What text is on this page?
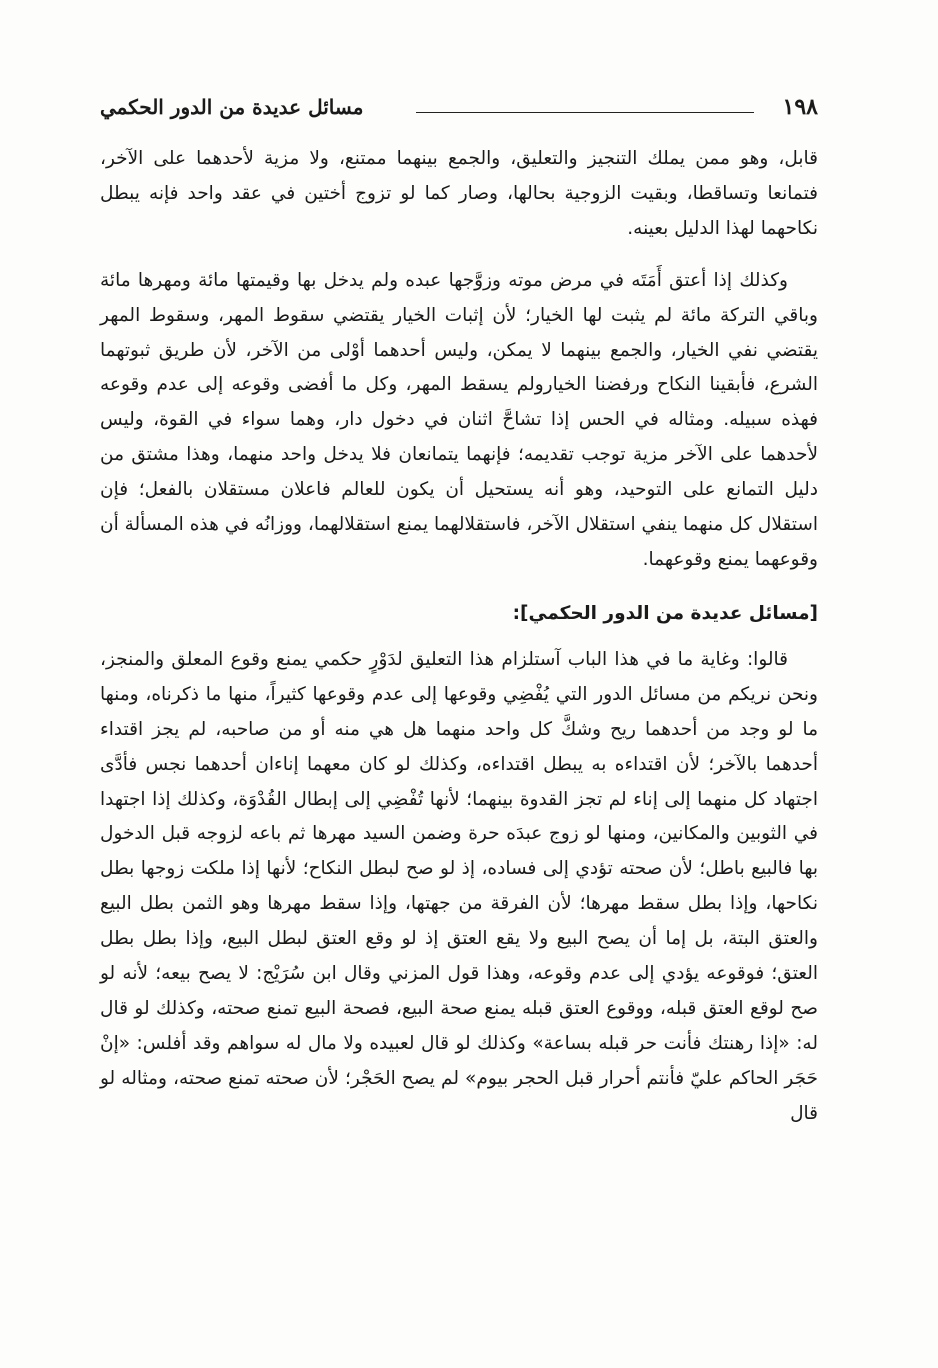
١٩٨
مسائل عديدة من الدور الحكمي

قابل، وهو ممن يملك التنجيز والتعليق، والجمع بينهما ممتنع، ولا مزية لأحدهما على الآخر، فتمانعا وتساقطا، وبقيت الزوجية بحالها، وصار كما لو تزوج أختين في عقد واحد فإنه يبطل نكاحهما لهذا الدليل بعينه.

وكذلك إذا أعتق أَمَتَه في مرض موته وزوَّجها عبده ولم يدخل بها وقيمتها مائة ومهرها مائة وباقي التركة مائة لم يثبت لها الخيار؛ لأن إثبات الخيار يقتضي سقوط المهر، وسقوط المهر يقتضي نفي الخيار، والجمع بينهما لا يمكن، وليس أحدهما أوْلى من الآخر، لأن طريق ثبوتهما الشرع، فأبقينا النكاح ورفضنا الخيارولم يسقط المهر، وكل ما أفضى وقوعه إلى عدم وقوعه فهذه سبيله. ومثاله في الحس إذا تشاحَّ اثنان في دخول دار، وهما سواء في القوة، وليس لأحدهما على الآخر مزية توجب تقديمه؛ فإنهما يتمانعان فلا يدخل واحد منهما، وهذا مشتق من دليل التمانع على التوحيد، وهو أنه يستحيل أن يكون للعالم فاعلان مستقلان بالفعل؛ فإن استقلال كل منهما ينفي استقلال الآخر، فاستقلالهما يمنع استقلالهما، ووزانُه في هذه المسألة أن وقوعهما يمنع وقوعهما.

[مسائل عديدة من الدور الحكمي]:

قالوا: وغاية ما في هذا الباب آستلزام هذا التعليق لدَوْرٍ حكمي يمنع وقوع المعلق والمنجز، ونحن نريكم من مسائل الدور التي يُفْضِي وقوعها إلى عدم وقوعها كثيراً، منها ما ذكرناه، ومنها ما لو وجد من أحدهما ريح وشكَّ كل واحد منهما هل هي منه أو من صاحبه، لم يجز اقتداء أحدهما بالآخر؛ لأن اقتداءه به يبطل اقتداءه، وكذلك لو كان معهما إناءان أحدهما نجس فأدَّى اجتهاد كل منهما إلى إناء لم تجز القدوة بينهما؛ لأنها تُفْضِي إلى إبطال القُدْوَة، وكذلك إذا اجتهدا في الثوبين والمكانين، ومنها لو زوج عبدَه حرة وضمن السيد مهرها ثم باعه لزوجه قبل الدخول بها فالبيع باطل؛ لأن صحته تؤدي إلى فساده، إذ لو صح لبطل النكاح؛ لأنها إذا ملكت زوجها بطل نكاحها، وإذا بطل سقط مهرها؛ لأن الفرقة من جهتها، وإذا سقط مهرها وهو الثمن بطل البيع والعتق البتة، بل إما أن يصح البيع ولا يقع العتق إذ لو وقع العتق لبطل البيع، وإذا بطل بطل العتق؛ فوقوعه يؤدي إلى عدم وقوعه، وهذا قول المزني وقال ابن سُرَيْج: لا يصح بيعه؛ لأنه لو صح لوقع العتق قبله، ووقوع العتق قبله يمنع صحة البيع، فصحة البيع تمنع صحته، وكذلك لو قال له: «إذا رهنتك فأنت حر قبله بساعة» وكذلك لو قال لعبيده ولا مال له سواهم وقد أفلس: «إنْ حَجَر الحاكم عليّ فأنتم أحرار قبل الحجر بيوم» لم يصح الحَجْر؛ لأن صحته تمنع صحته، ومثاله لو قال
